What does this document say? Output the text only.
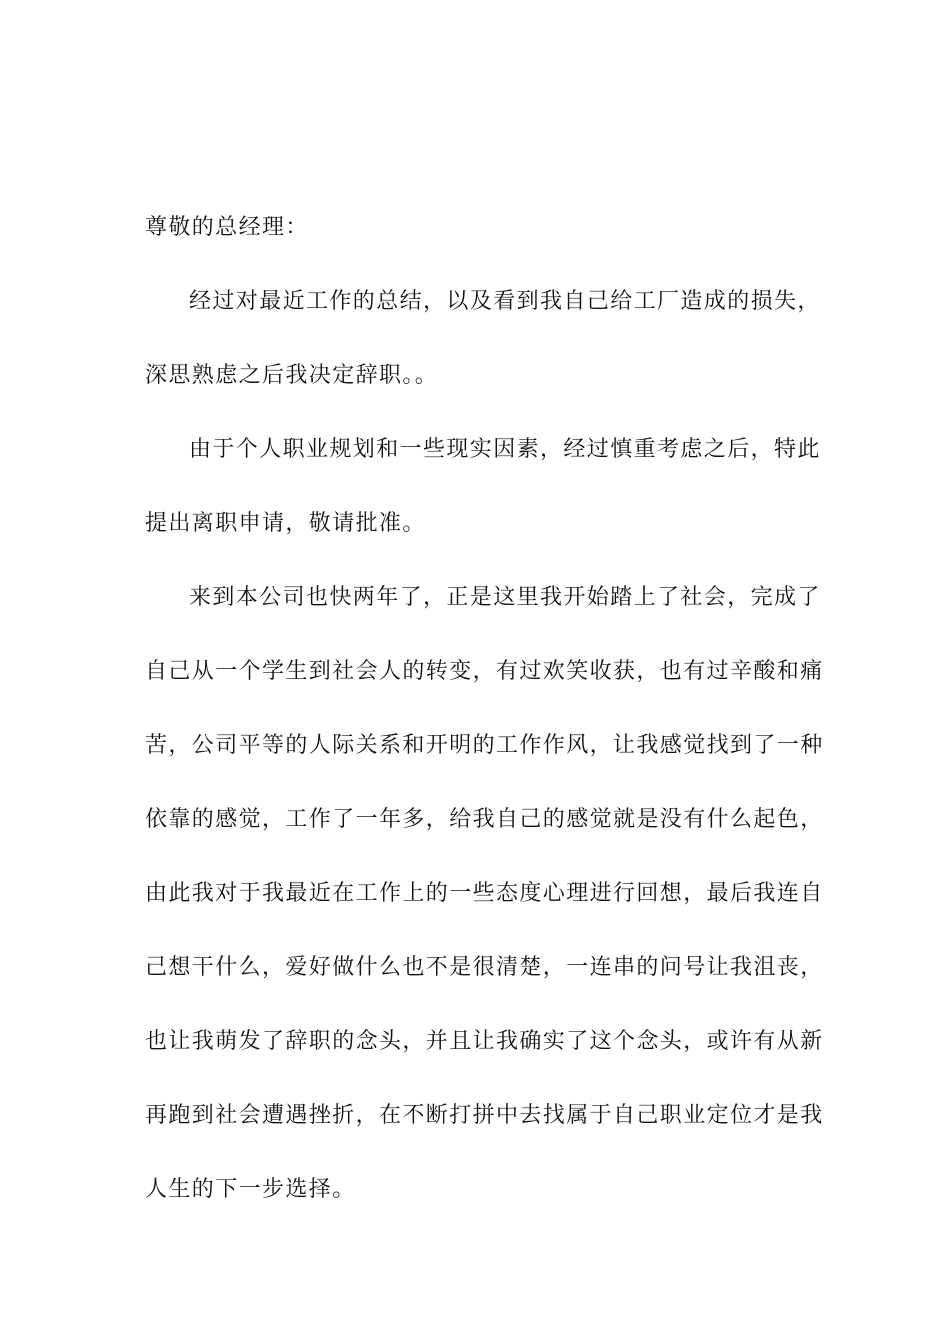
尊敬的总经理：
经过对最近工作的总结，以及看到我自己给工厂造成的损失，
深思熟虑之后我决定辞职。。
由于个人职业规划和一些现实因素，经过慎重考虑之后，特此
提出离职申请，敬请批准。
来到本公司也快两年了，正是这里我开始踏上了社会，完成了
自己从一个学生到社会人的转变，有过欢笑收获，也有过辛酸和痛
苦，公司平等的人际关系和开明的工作作风，让我感觉找到了一种
依靠的感觉，工作了一年多，给我自己的感觉就是没有什么起色，
由此我对于我最近在工作上的一些态度心理进行回想，最后我连自
己想干什么，爱好做什么也不是很清楚，一连串的问号让我沮丧，
也让我萌发了辞职的念头，并且让我确实了这个念头，或许有从新
再跑到社会遭遇挫折，在不断打拼中去找属于自己职业定位才是我
人生的下一步选择。
